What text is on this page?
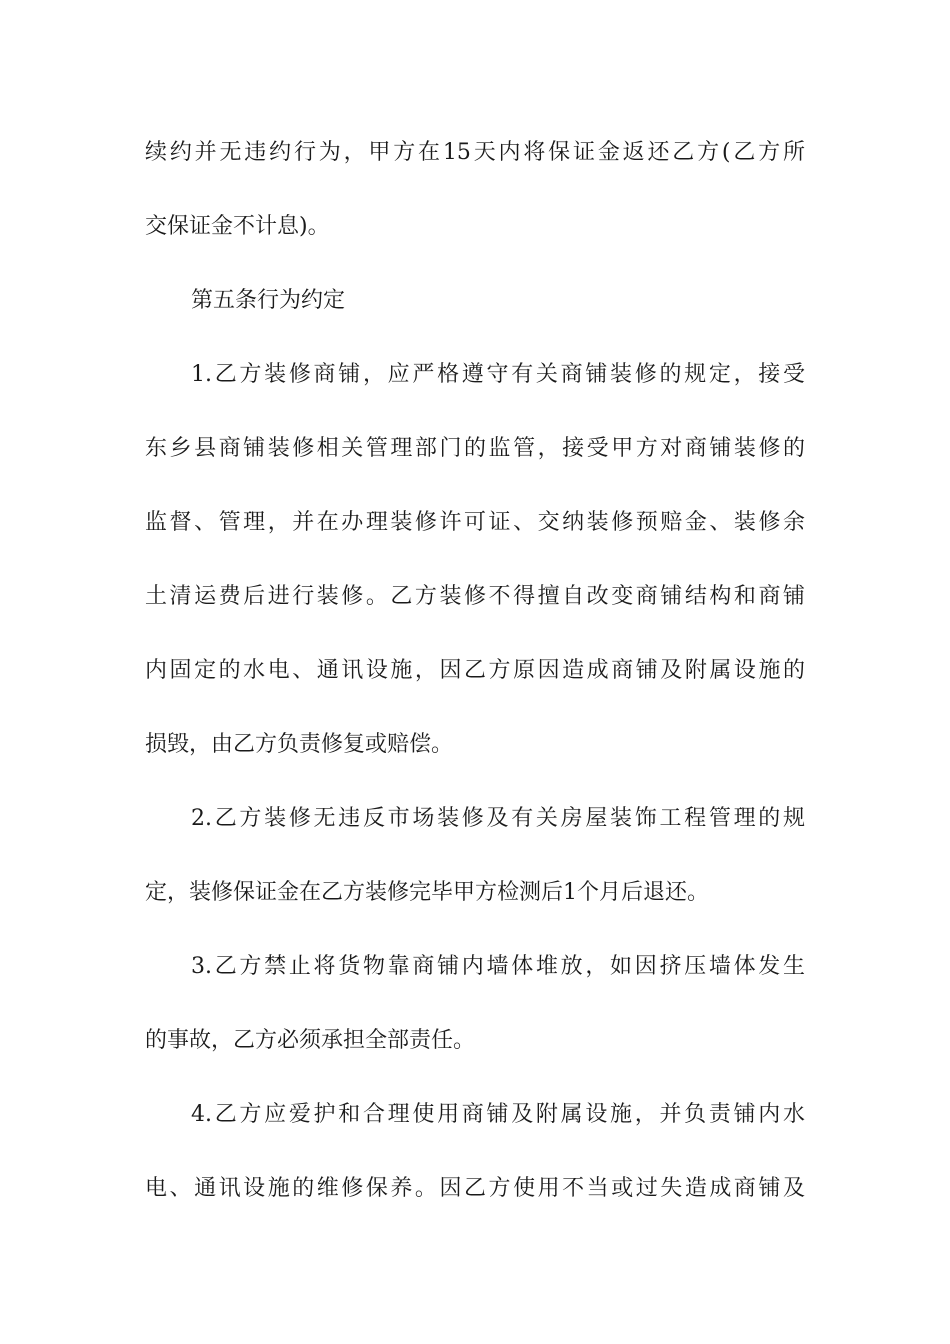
续约并无违约行为，甲方在15天内将保证金返还乙方(乙方所
交保证金不计息)。
第五条行为约定
1.乙方装修商铺，应严格遵守有关商铺装修的规定，接受
东乡县商铺装修相关管理部门的监管，接受甲方对商铺装修的
监督、管理，并在办理装修许可证、交纳装修预赔金、装修余
土清运费后进行装修。乙方装修不得擅自改变商铺结构和商铺
内固定的水电、通讯设施，因乙方原因造成商铺及附属设施的
损毁，由乙方负责修复或赔偿。
2.乙方装修无违反市场装修及有关房屋装饰工程管理的规
定，装修保证金在乙方装修完毕甲方检测后1个月后退还。
3.乙方禁止将货物靠商铺内墙体堆放，如因挤压墙体发生
的事故，乙方必须承担全部责任。
4.乙方应爱护和合理使用商铺及附属设施，并负责铺内水
电、通讯设施的维修保养。因乙方使用不当或过失造成商铺及
